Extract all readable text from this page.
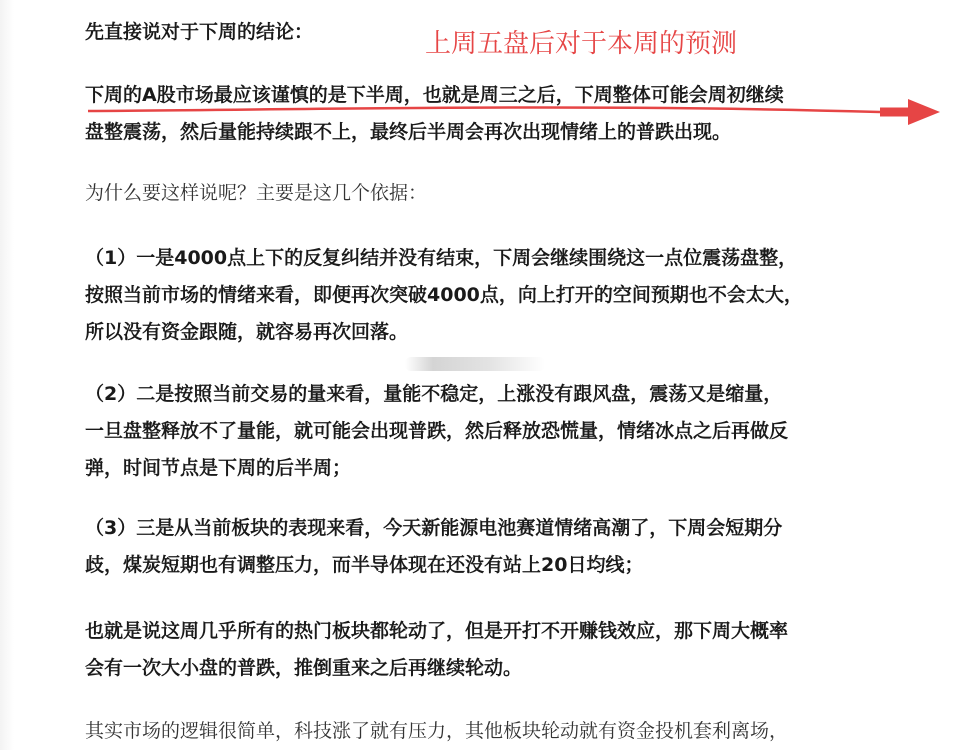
先直接说对于下周的结论：	上周五盘后对于本周的预测
下周的A股市场最应该谨慎的是下半周，也就是周三之后，下周整体可能会周初继续
盘整震荡，然后量能持续跟不上，最终后半周会再次出现情绪上的普跌出现。
为什么要这样说呢？主要是这几个依据：
（1）一是4000点上下的反复纠结并没有结束，下周会继续围绕这一点位震荡盘整，
按照当前市场的情绪来看，即便再次突破4000点，向上打开的空间预期也不会太大，
所以没有资金跟随，就容易再次回落。
（2）二是按照当前交易的量来看，量能不稳定，上涨没有跟风盘，震荡又是缩量，
一旦盘整释放不了量能，就可能会出现普跌，然后释放恐慌量，情绪冰点之后再做反
弹，时间节点是下周的后半周；
（3）三是从当前板块的表现来看，今天新能源电池赛道情绪高潮了，下周会短期分
歧，煤炭短期也有调整压力，而半导体现在还没有站上20日均线；
也就是说这周几乎所有的热门板块都轮动了，但是开打不开赚钱效应，那下周大概率
会有一次大小盘的普跌，推倒重来之后再继续轮动。
其实市场的逻辑很简单，科技涨了就有压力，其他板块轮动就有资金投机套利离场，
